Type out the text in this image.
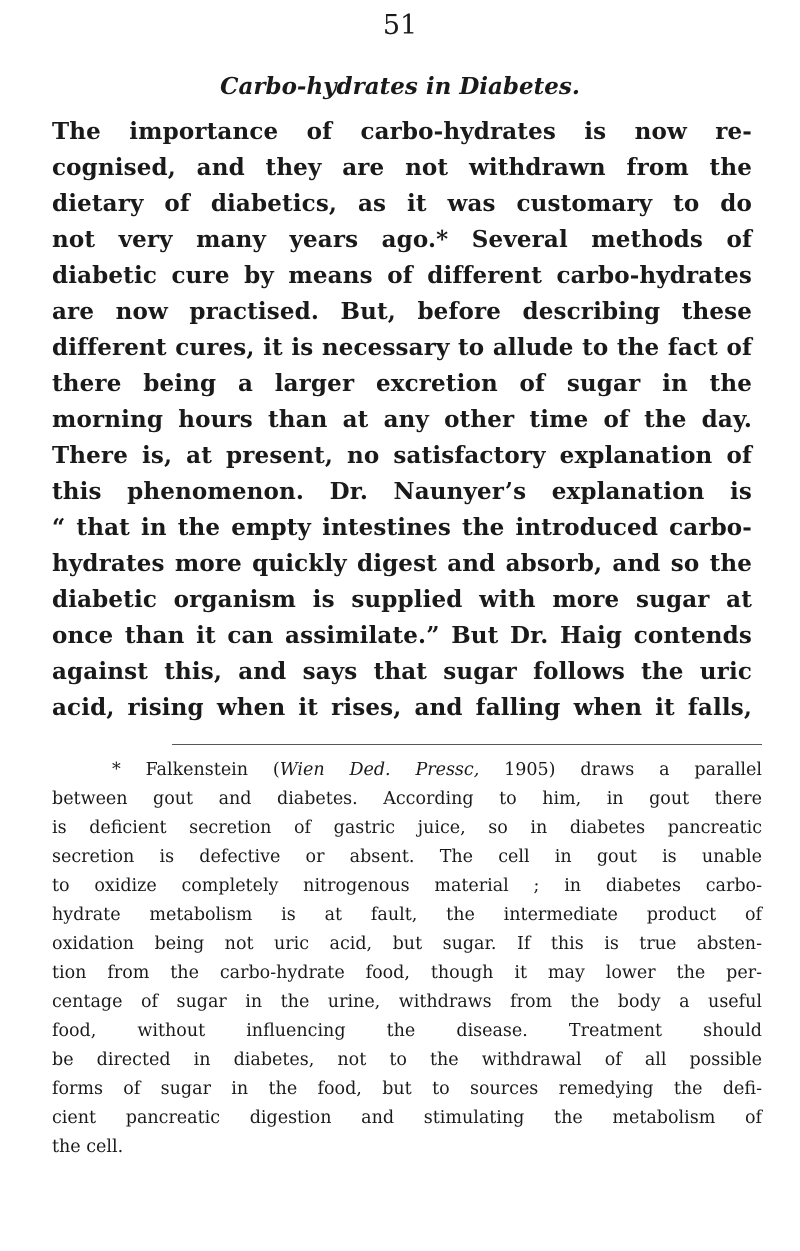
51
Carbo-hydrates in Diabetes.
The importance of carbo-hydrates is now re-
cognised, and they are not withdrawn from the
dietary of diabetics, as it was customary to do
not very many years ago.* Several methods of
diabetic cure by means of different carbo-hydrates
are now practised. But, before describing these
different cures, it is necessary to allude to the fact of
there being a larger excretion of sugar in the
morning hours than at any other time of the day.
There is, at present, no satisfactory explanation of
this phenomenon. Dr. Naunyer’s explanation is
“ that in the empty intestines the introduced carbo-
hydrates more quickly digest and absorb, and so the
diabetic organism is supplied with more sugar at
once than it can assimilate.” But Dr. Haig contends
against this, and says that sugar follows the uric
acid, rising when it rises, and falling when it falls,
* Falkenstein (Wien Ded. Pressc, 1905) draws a parallel
between gout and diabetes. According to him, in gout there
is deficient secretion of gastric juice, so in diabetes pancreatic
secretion is defective or absent. The cell in gout is unable
to oxidize completely nitrogenous material ; in diabetes carbo-
hydrate metabolism is at fault, the intermediate product of
oxidation being not uric acid, but sugar. If this is true absten-
tion from the carbo-hydrate food, though it may lower the per-
centage of sugar in the urine, withdraws from the body a useful
food, without influencing the disease. Treatment should
be directed in diabetes, not to the withdrawal of all possible
forms of sugar in the food, but to sources remedying the defi-
cient pancreatic digestion and stimulating the metabolism of
the cell.
